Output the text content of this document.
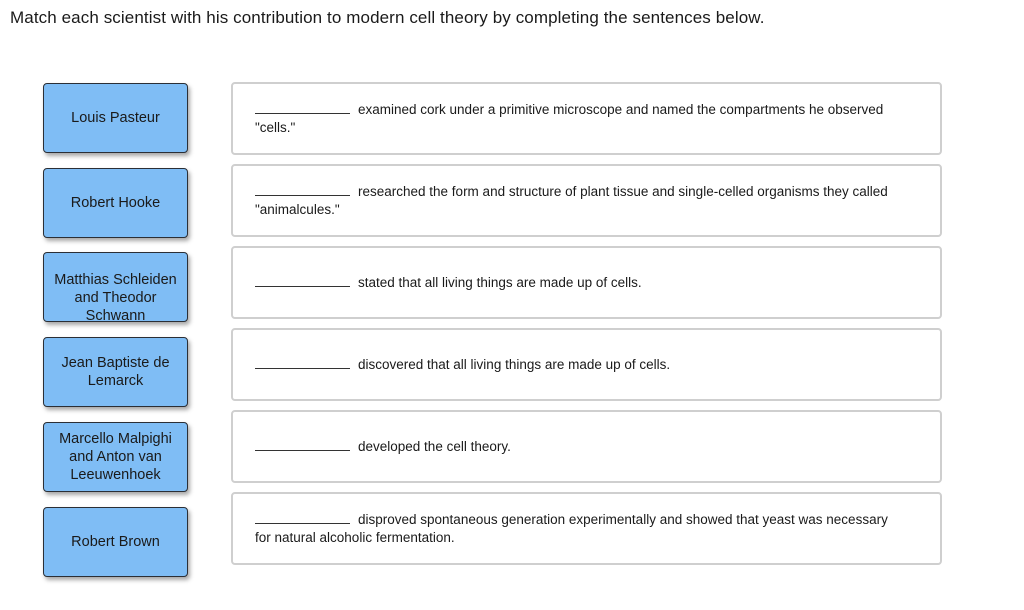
Match each scientist with his contribution to modern cell theory by completing the sentences below.
Louis Pasteur
Robert Hooke
Matthias Schleiden and Theodor Schwann
Jean Baptiste de Lemarck
Marcello Malpighi and Anton van Leeuwenhoek
Robert Brown
examined cork under a primitive microscope and named the compartments he observed "cells."
researched the form and structure of plant tissue and single-celled organisms they called "animalcules."
stated that all living things are made up of cells.
discovered that all living things are made up of cells.
developed the cell theory.
disproved spontaneous generation experimentally and showed that yeast was necessary for natural alcoholic fermentation.
